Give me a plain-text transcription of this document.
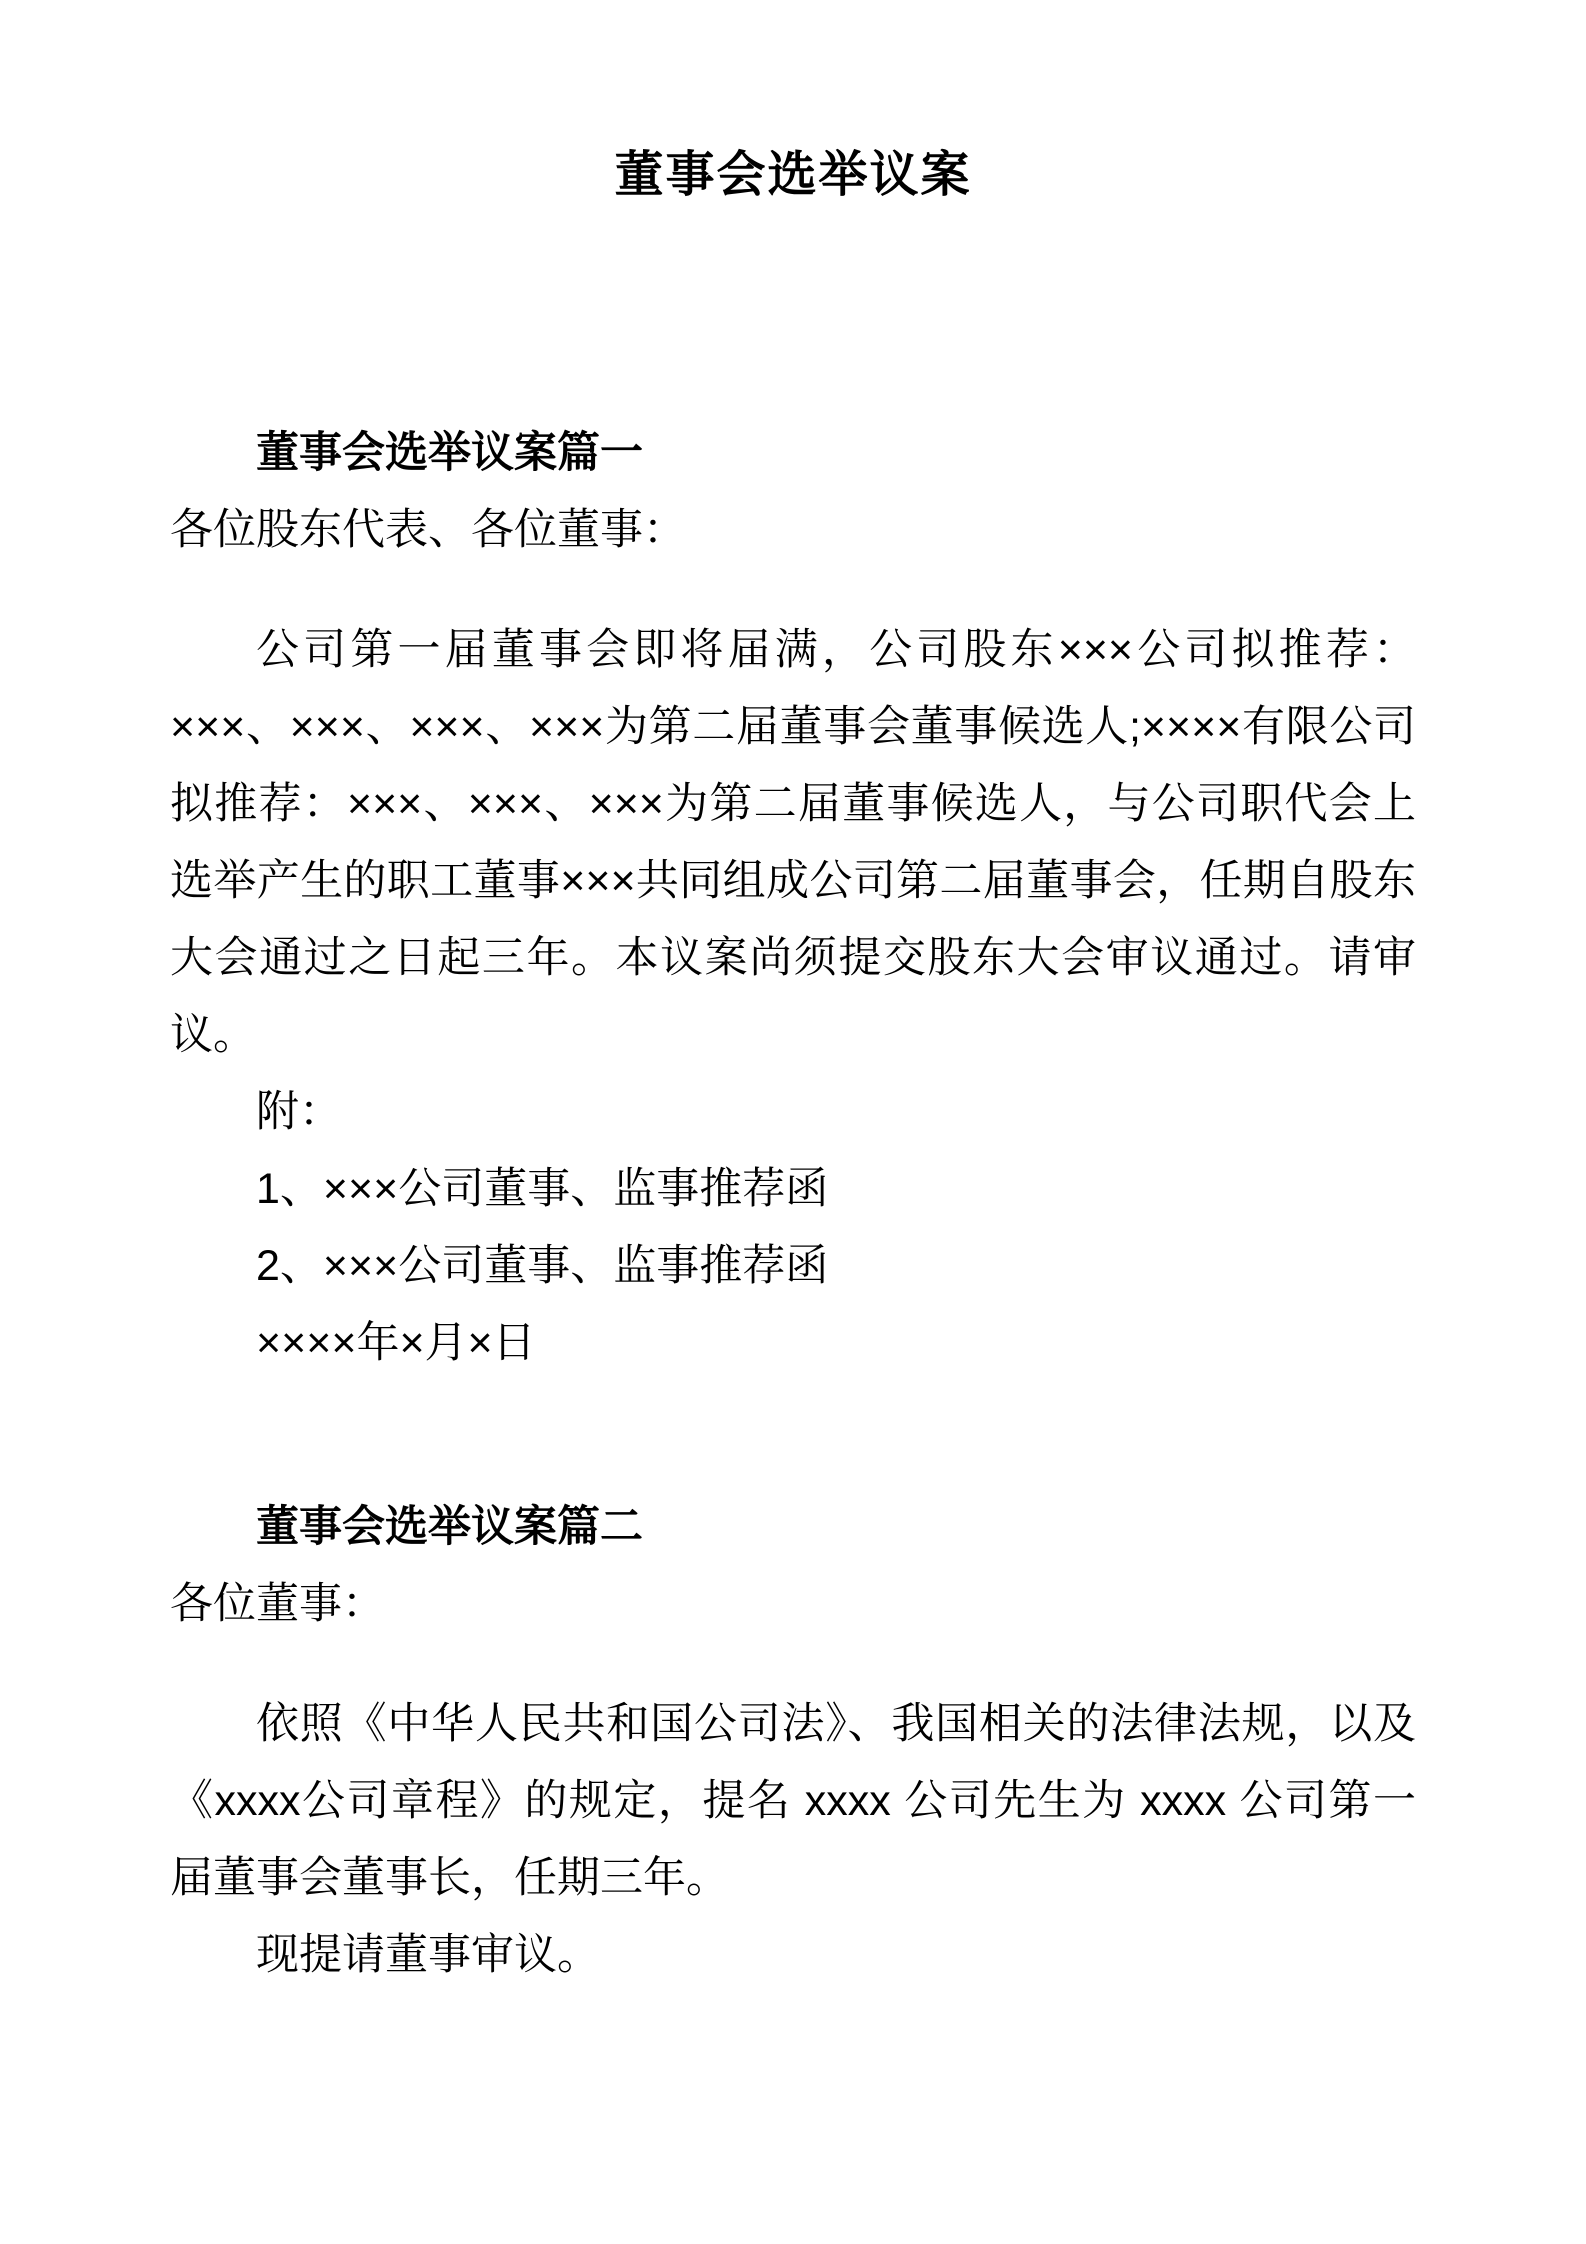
董事会选举议案

董事会选举议案篇一

各位股东代表、各位董事：

公司第一届董事会即将届满，公司股东×××公司拟推荐：×××、×××、×××、×××为第二届董事会董事候选人;××××有限公司拟推荐：×××、×××、×××为第二届董事候选人，与公司职代会上选举产生的职工董事×××共同组成公司第二届董事会，任期自股东大会通过之日起三年。本议案尚须提交股东大会审议通过。请审议。

附：

1、×××公司董事、监事推荐函

2、×××公司董事、监事推荐函

××××年×月×日

董事会选举议案篇二

各位董事：

依照《中华人民共和国公司法》、我国相关的法律法规，以及《xxxx公司章程》的规定，提名 xxxx 公司先生为 xxxx 公司第一届董事会董事长，任期三年。

现提请董事审议。
